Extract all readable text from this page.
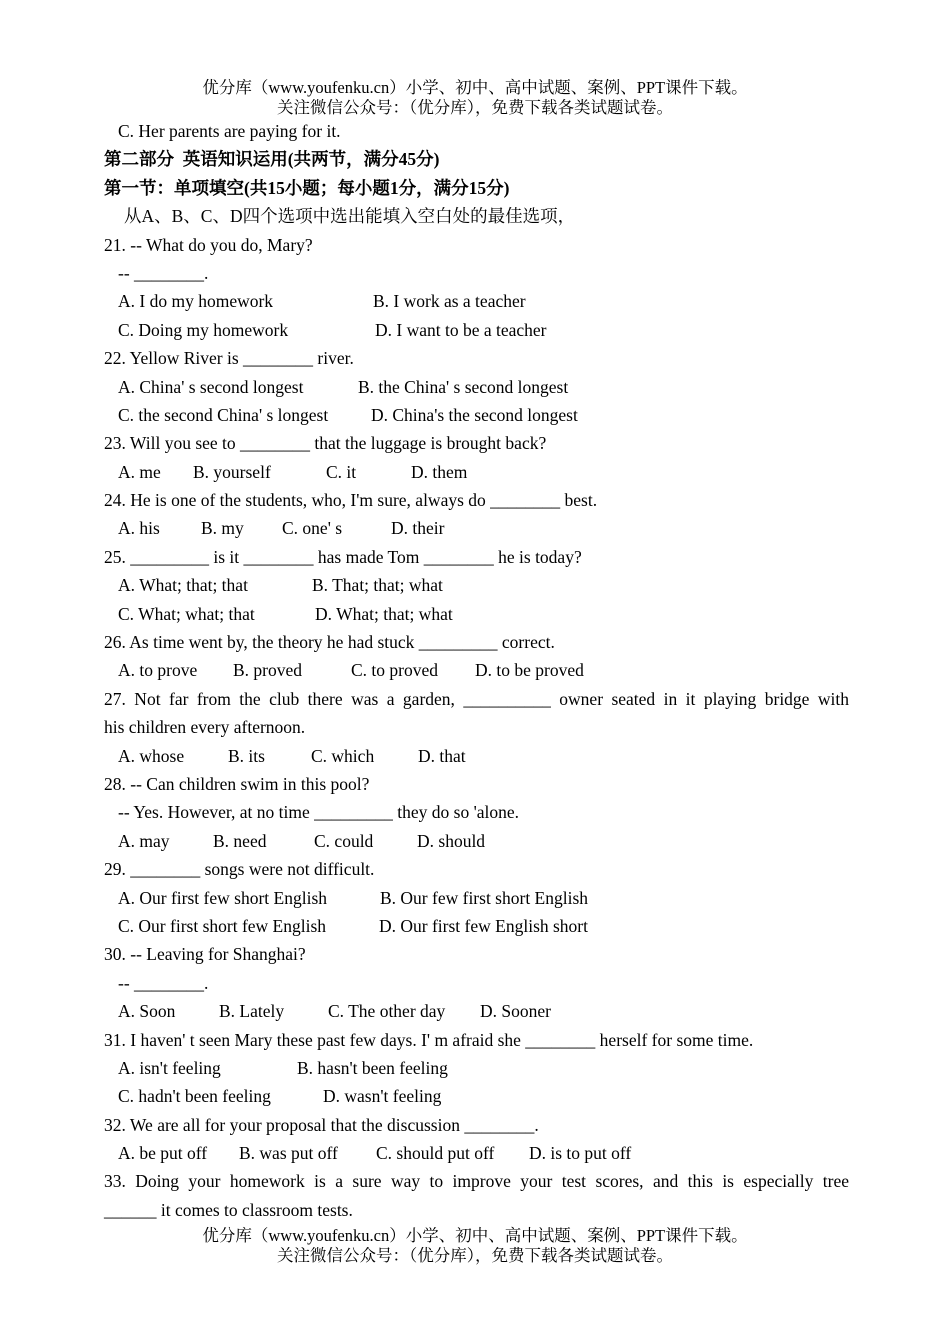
优分库（www.youfenku.cn）小学、初中、高中试题、案例、PPT课件下载。
关注微信公众号：（优分库），免费下载各类试题试卷。
C. Her parents are paying for it.
第二部分  英语知识运用(共两节，满分45分)
第一节：单项填空(共15小题；每小题1分，满分15分)
从A、B、C、D四个选项中选出能填入空白处的最佳选项，
21. -- What do you do, Mary?
-- ________.
A. I do my homework	B. I work as a teacher
C. Doing my homework	D. I want to be a teacher
22. Yellow River is ________ river.
A. China' s second longest	B. the China' s second longest
C. the second China' s longest D. China's the second longest
23. Will you see to ________ that the luggage is brought back?
A. me B. yourself	C. it	D. them
24. He is one of the students, who, I'm sure, always do ________ best.
A. his B. my C. one' s	D. their
25. _________ is it ________ has made Tom ________ he is today?
A. What; that; that	B. That; that; what
C. What; what; that	D. What; that; what
26. As time went by, the theory he had stuck _________ correct.
A. to prove B. proved	C. to proved D. to be proved
27. Not far from the club there was a garden, __________ owner seated in it playing bridge with
his children every afternoon.
A. whose	B. its	C. which	D. that
28. -- Can children swim in this pool?
-- Yes. However, at no time _________ they do so 'alone.
A. may B. need	C. could D. should
29. ________ songs were not difficult.
A. Our first few short English	B. Our few first short English
C. Our first short few English	D. Our first few English short
30. -- Leaving for Shanghai?
-- ________.
A. Soon B. Lately	C. The other day D. Sooner
31. I haven' t seen Mary these past few days. I' m afraid she ________ herself for some time.
A. isn't feeling	B. hasn't been feeling
C. hadn't been feeling	D. wasn't feeling
32. We are all for your proposal that the discussion ________.
A. be put off B. was put off C. should put off D. is to put off
33. Doing your homework is a sure way to improve your test scores, and this is especially tree
______ it comes to classroom tests.
优分库（www.youfenku.cn）小学、初中、高中试题、案例、PPT课件下载。
关注微信公众号：（优分库），免费下载各类试题试卷。
